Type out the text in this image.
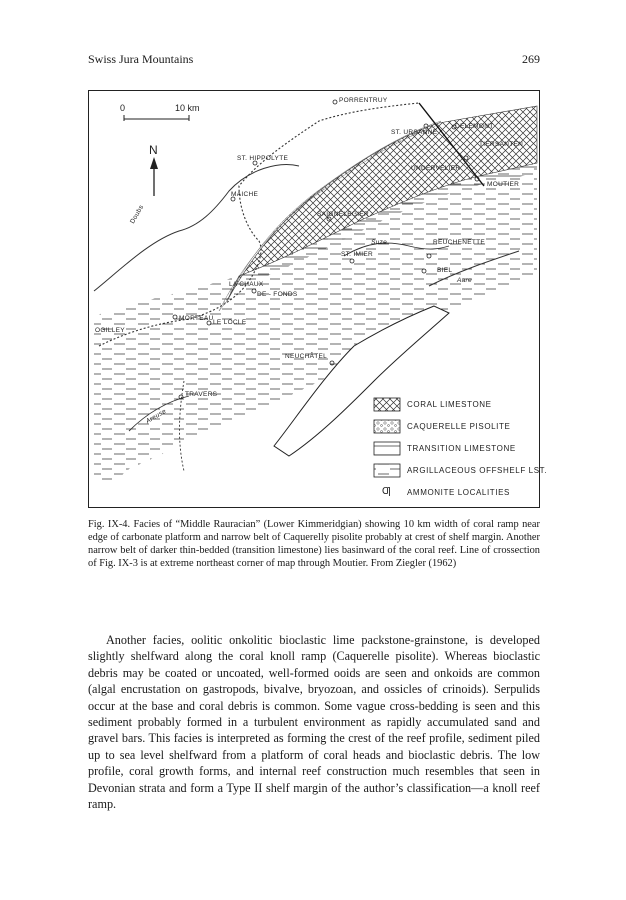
Swiss Jura Mountains	269
0	10 km
N
PORRENTRUY
ST. URSANNE
DELEMONT
TIERSANTEN
ST. HIPPOLYTE
UNDERVELIER
MOUTIER
MAICHE
SAIGNELEGIER
Doubs
REUCHENETTE
ST. IMIER
Suze
BIEL
Aare
LA CHAUX
DE - FONDS
MORTEAU
LE LOCLE
OGILLEY
NEUCHÂTEL
TRAVERS
Areuse
CORAL LIMESTONE
CAQUERELLE PISOLITE
TRANSITION LIMESTONE
ARGILLACEOUS OFFSHELF LST.
Ƣ AMMONITE LOCALITIES
Fig. IX-4. Facies of “Middle Rauracian” (Lower Kimmeridgian) showing 10 km width of coral ramp near edge of carbonate platform and narrow belt of Caquerelly pisolite probably at crest of shelf margin. Another narrow belt of darker thin-bedded (transition limestone) lies basinward of the coral reef. Line of crossection of Fig. IX-3 is at extreme northeast corner of map through Moutier. From Ziegler (1962)
Another facies, oolitic onkolitic bioclastic lime packstone-grainstone, is developed slightly shelfward along the coral knoll ramp (Caquerelle pisolite). Whereas bioclastic debris may be coated or uncoated, well-formed ooids are seen and onkoids are common (algal encrustation on gastropods, bivalve, bryozoan, and ossicles of crinoids). Serpulids occur at the base and coral debris is common. Some vague cross-bedding is seen and this sediment probably formed in a turbulent environment as rapidly accumulated sand and gravel bars. This facies is interpreted as forming the crest of the reef profile, sediment piled up to sea level shelfward from a platform of coral heads and bioclastic debris. The low profile, coral growth forms, and internal reef construction much resembles that seen in Devonian strata and form a Type II shelf margin of the author’s classification—a knoll reef ramp.
